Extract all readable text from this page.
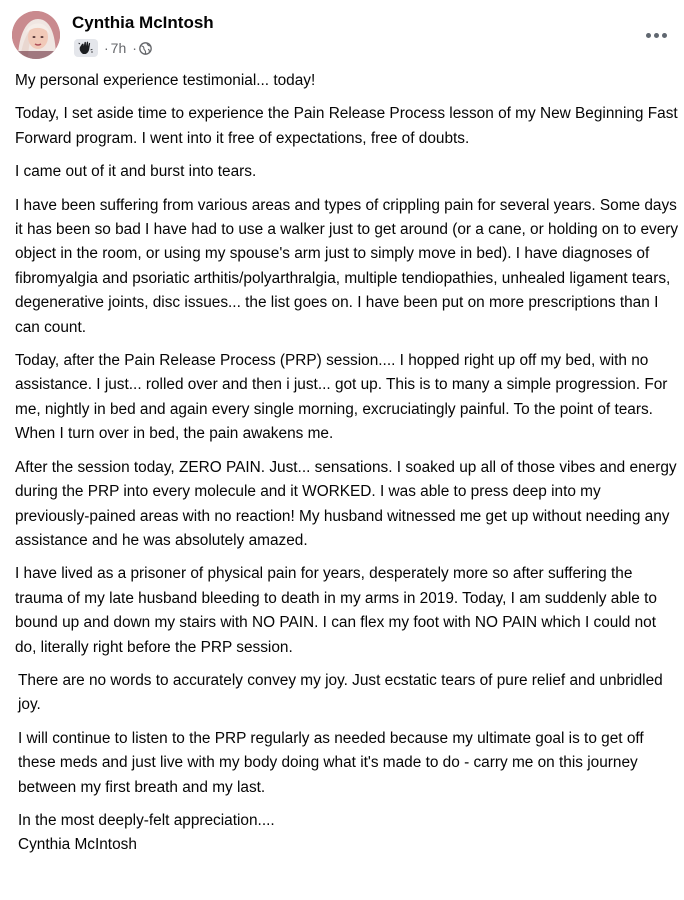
Cynthia McIntosh
· 7h ·

My personal experience testimonial... today!

Today, I set aside time to experience the Pain Release Process lesson of my New Beginning Fast Forward program. I went into it free of expectations, free of doubts.

I came out of it and burst into tears.

I have been suffering from various areas and types of crippling pain for several years. Some days it has been so bad I have had to use a walker just to get around (or a cane, or holding on to every object in the room, or using my spouse's arm just to simply move in bed). I have diagnoses of fibromyalgia and psoriatic arthitis/polyarthralgia, multiple tendiopathies, unhealed ligament tears, degenerative joints, disc issues... the list goes on. I have been put on more prescriptions than I can count.

Today, after the Pain Release Process (PRP) session.... I hopped right up off my bed, with no assistance. I just... rolled over and then i just... got up. This is to many a simple progression. For me, nightly in bed and again every single morning, excruciatingly painful. To the point of tears. When I turn over in bed, the pain awakens me.

After the session today, ZERO PAIN. Just... sensations. I soaked up all of those vibes and energy during the PRP into every molecule and it WORKED. I was able to press deep into my previously-pained areas with no reaction! My husband witnessed me get up without needing any assistance and he was absolutely amazed.

I have lived as a prisoner of physical pain for years, desperately more so after suffering the trauma of my late husband bleeding to death in my arms in 2019. Today, I am suddenly able to bound up and down my stairs with NO PAIN. I can flex my foot with NO PAIN which I could not do, literally right before the PRP session.

There are no words to accurately convey my joy. Just ecstatic tears of pure relief and unbridled joy.

I will continue to listen to the PRP regularly as needed because my ultimate goal is to get off these meds and just live with my body doing what it's made to do - carry me on this journey between my first breath and my last.

In the most deeply-felt appreciation....

Cynthia McIntosh
